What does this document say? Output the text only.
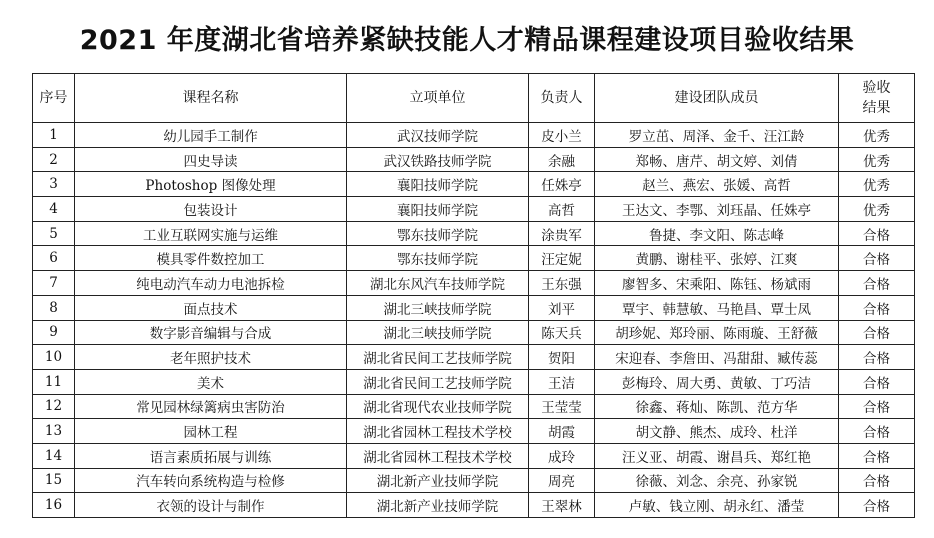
2021 年度湖北省培养紧缺技能人才精品课程建设项目验收结果
序号	课程名称	立项单位	负责人	建设团队成员	验收
结果

1	幼儿园手工制作	武汉技师学院	皮小兰	罗立茁、周泽、金千、汪江龄	优秀
2	四史导读	武汉铁路技师学院	余融	郑畅、唐芹、胡文婷、刘倩	优秀
3	Photoshop 图像处理	襄阳技师学院	任姝亭	赵兰、燕宏、张媛、高哲	优秀
4	包装设计	襄阳技师学院	高哲	王达文、李鄂、刘珏晶、任姝亭	优秀
5	工业互联网实施与运维	鄂东技师学院	涂贵军	鲁捷、李文阳、陈志峰	合格
6	模具零件数控加工	鄂东技师学院	汪定妮	黄鹏、谢桂平、张婷、江爽	合格
7	纯电动汽车动力电池拆检	湖北东风汽车技师学院	王东强	廖智多、宋乘阳、陈钰、杨斌雨	合格
8	面点技术	湖北三峡技师学院	刘平	覃宇、韩慧敏、马艳昌、覃士凤	合格
9	数字影音编辑与合成	湖北三峡技师学院	陈天兵	胡珍妮、郑玲丽、陈雨璇、王舒薇	合格
10	老年照护技术	湖北省民间工艺技师学院	贺阳	宋迎春、李詹田、冯甜甜、臧传蕊	合格
11	美术	湖北省民间工艺技师学院	王洁	彭梅玲、周大勇、黄敏、丁巧洁	合格
12	常见园林绿篱病虫害防治	湖北省现代农业技师学院	王莹莹	徐鑫、蒋灿、陈凯、范方华	合格
13	园林工程	湖北省园林工程技术学校	胡霞	胡文静、熊杰、成玲、杜洋	合格
14	语言素质拓展与训练	湖北省园林工程技术学校	成玲	汪义亚、胡霞、谢昌兵、郑红艳	合格
15	汽车转向系统构造与检修	湖北新产业技师学院	周亮	徐薇、刘念、余亮、孙家锐	合格
16	衣领的设计与制作	湖北新产业技师学院	王翠林	卢敏、钱立刚、胡永红、潘莹	合格
